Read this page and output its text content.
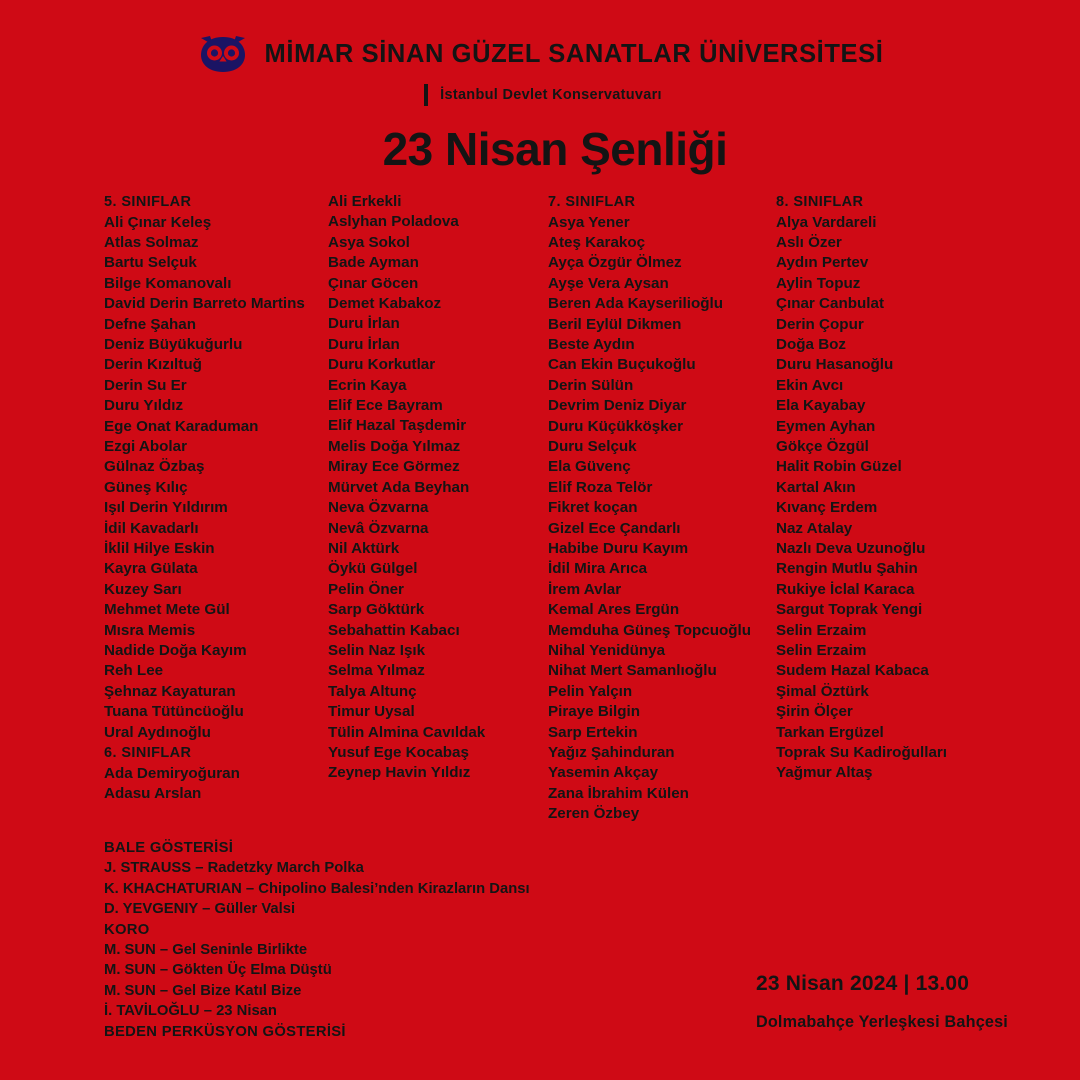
MİMAR SİNAN GÜZEL SANATLAR ÜNİVERSİTESİ
İstanbul Devlet Konservatuvarı
23 Nisan Şenliği
5. SINIFLAR
Ali Çınar Keleş
Atlas Solmaz
Bartu Selçuk
Bilge Komanovalı
David Derin Barreto Martins
Defne Şahan
Deniz Büyükuğurlu
Derin Kızıltuğ
Derin Su Er
Duru Yıldız
Ege Onat Karaduman
Ezgi Abolar
Gülnaz Özbaş
Güneş Kılıç
Işıl Derin Yıldırım
İdil Kavadarlı
İklil Hilye Eskin
Kayra Gülata
Kuzey Sarı
Mehmet Mete Gül
Mısra Memis
Nadide Doğa Kayım
Reh Lee
Şehnaz Kayaturan
Tuana Tütüncüoğlu
Ural Aydınoğlu
6. SINIFLAR
Ada Demiryoğuran
Adasu Arslan
Ali Erkekli
Aslyhan Poladova
Asya Sokol
Bade Ayman
Çınar Göcen
Demet Kabakoz
Duru İrlan
Duru İrlan
Duru Korkutlar
Ecrin Kaya
Elif Ece Bayram
Elif Hazal Taşdemir
Melis Doğa Yılmaz
Miray Ece Görmez
Mürvet Ada Beyhan
Neva Özvarna
Nevâ Özvarna
Nil Aktürk
Öykü Gülgel
Pelin Öner
Sarp Göktürk
Sebahattin Kabacı
Selin Naz Işık
Selma Yılmaz
Talya Altunç
Timur Uysal
Tülin Almina Cavıldak
Yusuf Ege Kocabaş
Zeynep Havin Yıldız
7. SINIFLAR
Asya Yener
Ateş Karakoç
Ayça Özgür Ölmez
Ayşe Vera Aysan
Beren Ada Kayserilioğlu
Beril Eylül Dikmen
Beste Aydın
Can Ekin Buçukoğlu
Derin Sülün
Devrim Deniz Diyar
Duru Küçükköşker
Duru Selçuk
Ela Güvenç
Elif Roza Telör
Fikret koçan
Gizel Ece Çandarlı
Habibe Duru Kayım
İdil Mira Arıca
İrem Avlar
Kemal Ares Ergün
Memduha Güneş Topcuoğlu
Nihal Yenidünya
Nihat Mert Samanlıoğlu
Pelin Yalçın
Piraye Bilgin
Sarp Ertekin
Yağız Şahinduran
Yasemin Akçay
Zana İbrahim Külen
Zeren Özbey
8. SINIFLAR
Alya Vardareli
Aslı Özer
Aydın Pertev
Aylin Topuz
Çınar Canbulat
Derin Çopur
Doğa Boz
Duru Hasanoğlu
Ekin Avcı
Ela Kayabay
Eymen Ayhan
Gökçe Özgül
Halit Robin Güzel
Kartal Akın
Kıvanç Erdem
Naz Atalay
Nazlı Deva Uzunoğlu
Rengin Mutlu Şahin
Rukiye İclal Karaca
Sargut Toprak Yengi
Selin Erzaim
Selin Erzaim
Sudem Hazal Kabaca
Şimal Öztürk
Şirin Ölçer
Tarkan Ergüzel
Toprak Su Kadiroğulları
Yağmur Altaş
BALE GÖSTERİSİ
J. STRAUSS – Radetzky March Polka
K. KHACHATURIAN – Chipolino Balesi’nden Kirazların Dansı
D. YEVGENIY – Güller Valsi
KORO
M. SUN – Gel Seninle Birlikte
M. SUN – Gökten Üç Elma Düştü
M. SUN – Gel Bize Katıl Bize
İ. TAVİLOĞLU – 23 Nisan
BEDEN PERKÜSYON GÖSTERİSİ
23 Nisan 2024 | 13.00
Dolmabahçe Yerleşkesi Bahçesi
